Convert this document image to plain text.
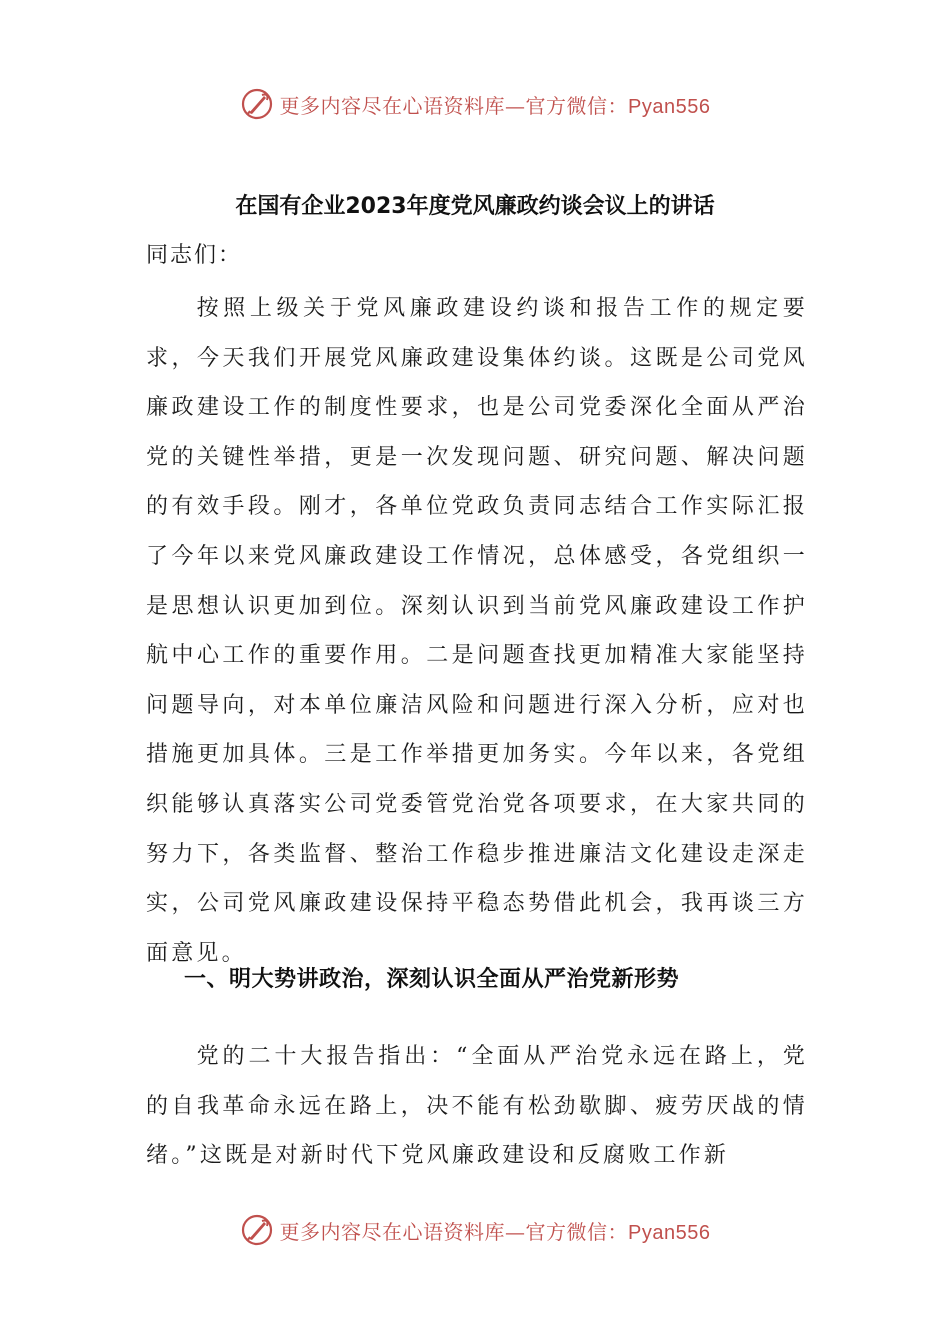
更多内容尽在心语资料库—官方微信：Pyan556
在国有企业2023年度党风廉政约谈会议上的讲话

同志们：

按照上级关于党风廉政建设约谈和报告工作的规定要求，今天我们开展党风廉政建设集体约谈。这既是公司党风廉政建设工作的制度性要求，也是公司党委深化全面从严治党的关键性举措，更是一次发现问题、研究问题、解决问题的有效手段。刚才，各单位党政负责同志结合工作实际汇报了今年以来党风廉政建设工作情况，总体感受，各党组织一是思想认识更加到位。深刻认识到当前党风廉政建设工作护航中心工作的重要作用。二是问题查找更加精准大家能坚持问题导向，对本单位廉洁风险和问题进行深入分析，应对也措施更加具体。三是工作举措更加务实。今年以来，各党组织能够认真落实公司党委管党治党各项要求，在大家共同的努力下，各类监督、整治工作稳步推进廉洁文化建设走深走实，公司党风廉政建设保持平稳态势借此机会，我再谈三方面意见。

一、明大势讲政治，深刻认识全面从严治党新形势

党的二十大报告指出：“全面从严治党永远在路上，党的自我革命永远在路上，决不能有松劲歇脚、疲劳厌战的情绪。”这既是对新时代下党风廉政建设和反腐败工作新

更多内容尽在心语资料库—官方微信：Pyan556
